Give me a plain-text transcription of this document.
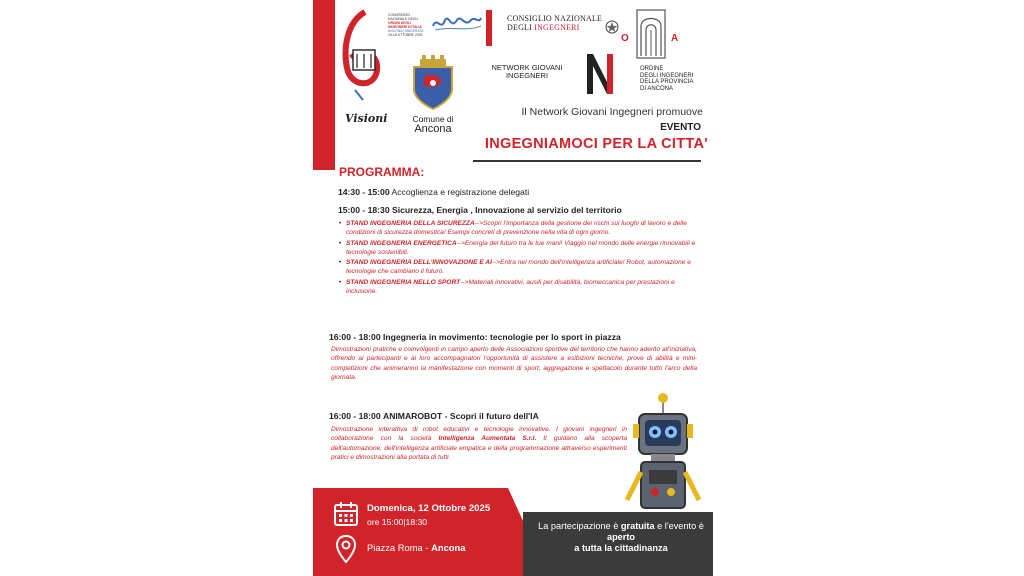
Visioni
CONGRESSO
NAZIONALE DEGLI
ORDINI DEGLI
INGEGNERI D'ITALIA
ANCONA | MACERATA
15-18 OTTOBRE 2025
CONSIGLIO NAZIONALE
DEGLI INGEGNERI
O	A
ORDINE
DEGLI INGEGNERI
DELLA PROVINCIA
DI ANCONA
NETWORK GIOVANI
INGEGNERI
Comune di
Ancona
Il Network Giovani Ingegneri promuove
EVENTO
INGEGNIAMOCI PER LA CITTA'
PROGRAMMA:
14:30 - 15:00 Accoglienza e registrazione delegati
15:00 - 18:30 Sicurezza, Energia , Innovazione al servizio del territorio
• STAND INGEGNERIA DELLA SICUREZZA-->Scopri l'importanza della gestione dei rischi sui luoghi di lavoro e delle condizioni di sicurezza domestica! Esempi concreti di prevenzione nella vita di ogni giorno.
• STAND INGEGNERIA ENERGETICA-->Energia del futuro tra le tue mani! Viaggio nel mondo delle energie rinnovabili e tecnologie sostenibili.
• STAND INGEGNERIA DELL'INNOVAZIONE E AI-->Entra nel mondo dell'intelligenza artificiale! Robot, automazione e tecnologie che cambiano il futuro.
• STAND INGEGNERIA NELLO SPORT-->Materiali innovativi, ausili per disabilità, biomeccanica per prestazioni e inclusione.
16:00 - 18:00 Ingegneria in movimento: tecnologie per lo sport in piazza
Dimostrazioni pratiche e coinvolgenti in campo aperto delle Associazioni sportive del territorio che hanno aderito all'iniziativa, offrendo ai partecipanti e ai loro accompagnatori l'opportunità di assistere a esibizioni tecniche, prove di abilità e mini-competizioni che animeranno la manifestazione con momenti di sport, aggregazione e spettacolo durante tutto l'arco della giornata.
16:00 - 18:00 ANIMAROBOT - Scopri il futuro dell'IA
Dimostrazione interattiva di robot educativi e tecnologie innovative. I giovani ingegneri in collaborazione con la società Intelligenza Aumentata S.r.l. ti guidano alla scoperta dell'automazione, dell'intelligenza artificiale empatica e della programmazione attraverso esperimenti pratici e dimostrazioni alla portata di tutti.
Domenica, 12 Ottobre 2025
ore 15:00|18:30
Piazza Roma - Ancona
La partecipazione è gratuita e l'evento è aperto
a tutta la cittadinanza
